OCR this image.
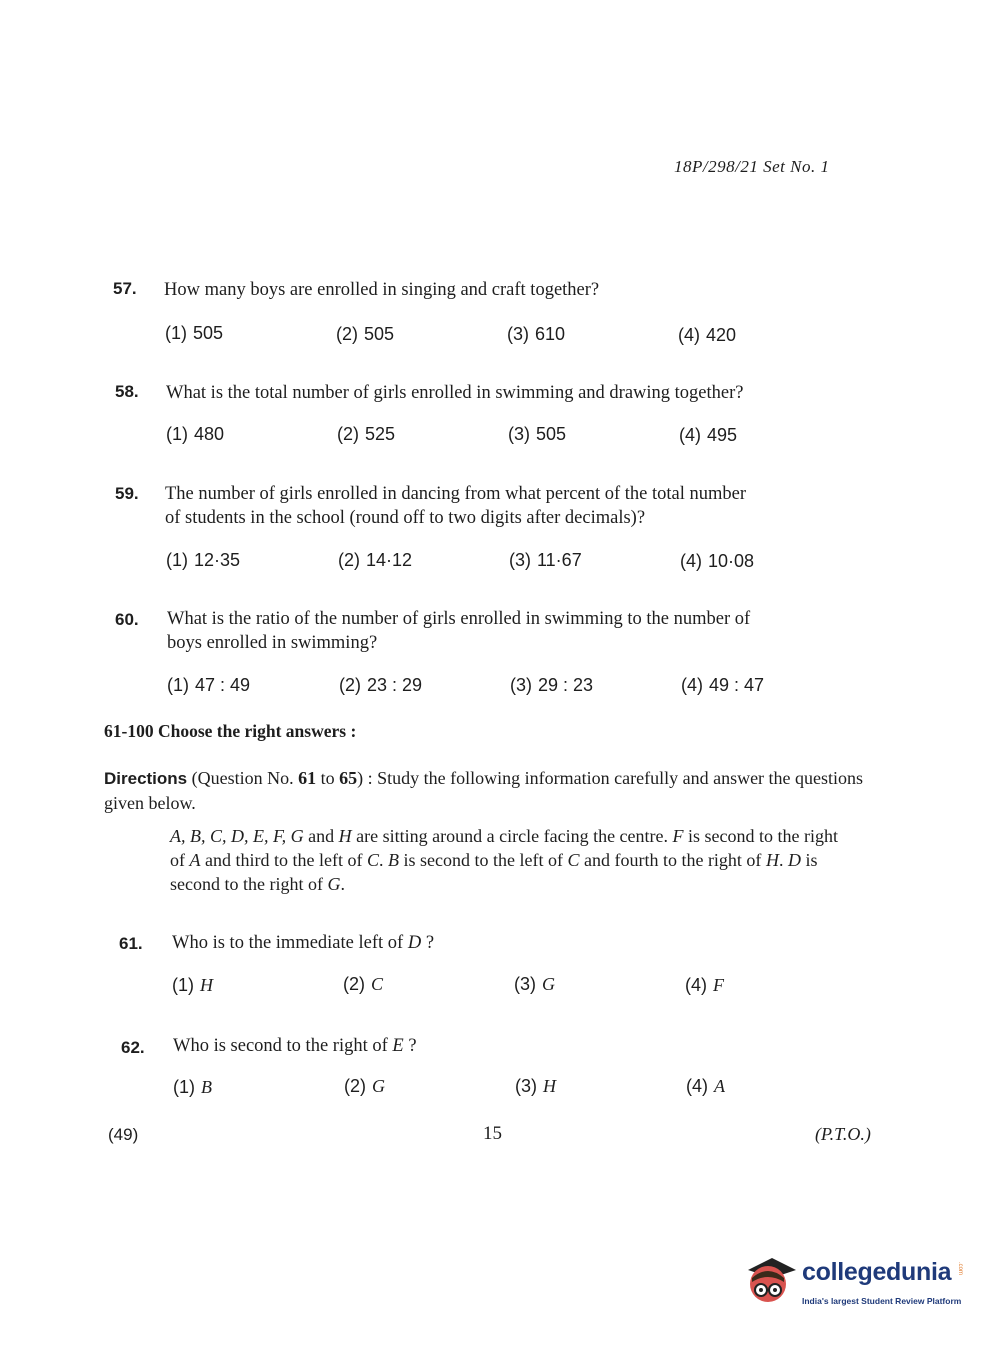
18P/298/21 Set No. 1
57. How many boys are enrolled in singing and craft together?
(1) 505	(2) 505	(3) 610	(4) 420
58. What is the total number of girls enrolled in swimming and drawing together?
(1) 480	(2) 525	(3) 505	(4) 495
59. The number of girls enrolled in dancing from what percent of the total number
of students in the school (round off to two digits after decimals)?
(1) 12·35	(2) 14·12	(3) 11·67	(4) 10·08
60. What is the ratio of the number of girls enrolled in swimming to the number of
boys enrolled in swimming?
(1) 47 : 49	(2) 23 : 29	(3) 29 : 23	(4) 49 : 47
61-100 Choose the right answers :
Directions (Question No. 61 to 65) : Study the following information carefully and answer the questions given below.
A, B, C, D, E, F, G and H are sitting around a circle facing the centre. F is second to the right of A and third to the left of C. B is second to the left of C and fourth to the right of H. D is second to the right of G.
61. Who is to the immediate left of D ?
(1) H	(2) C	(3) G	(4) F
62. Who is second to the right of E ?
(1) B	(2) G	(3) H	(4) A
(49)	15	(P.T.O.)
collegedunia .com
India's largest Student Review Platform
